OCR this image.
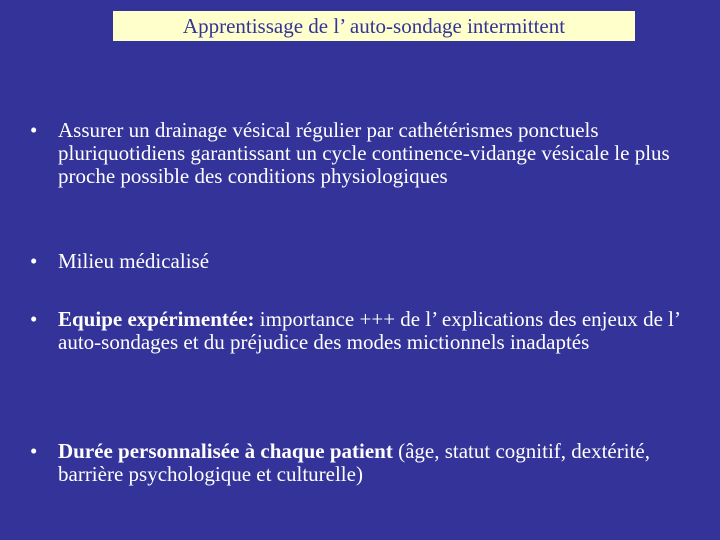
Apprentissage de l’ auto-sondage intermittent
• Assurer un drainage vésical régulier par cathétérismes ponctuels pluriquotidiens garantissant un cycle continence-vidange vésicale le plus proche possible des conditions physiologiques
• Milieu médicalisé
• Equipe expérimentée: importance +++ de l’ explications des enjeux de l’ auto-sondages et du préjudice des modes mictionnels inadaptés
• Durée personnalisée à chaque patient (âge, statut cognitif, dextérité, barrière psychologique et culturelle)
